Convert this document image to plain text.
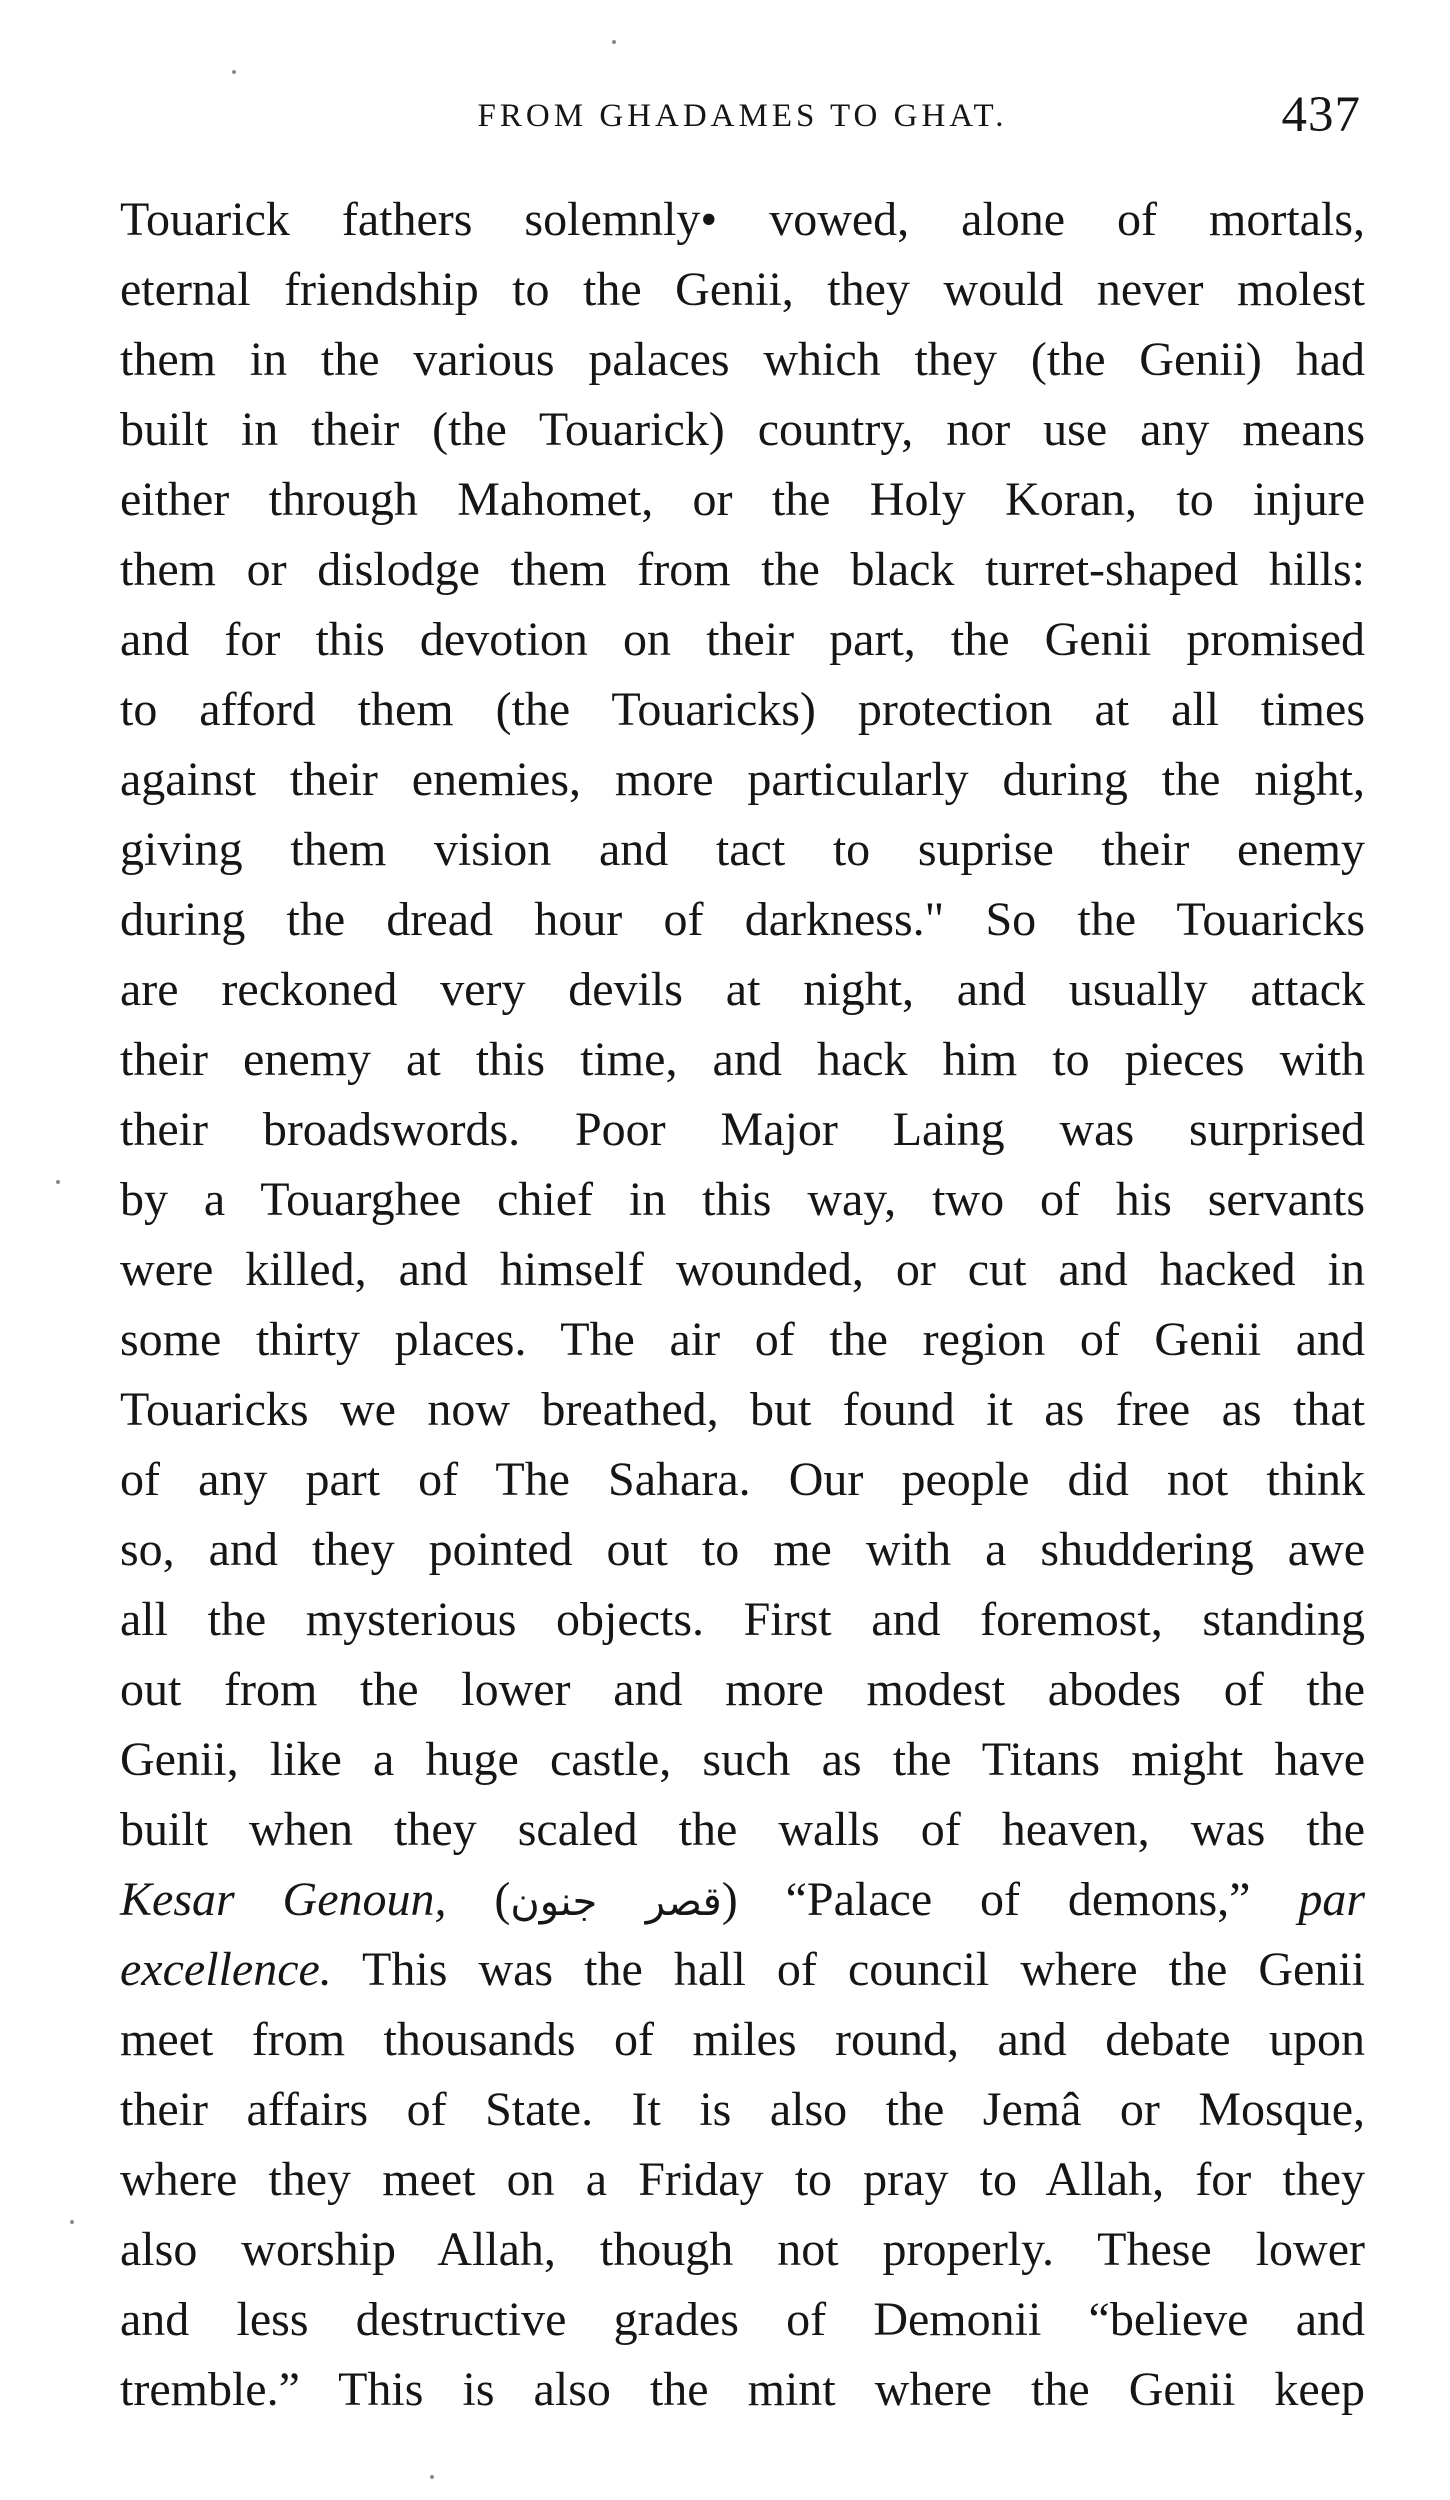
FROM GHADAMES TO GHAT.	437
Touarick fathers solemnly• vowed, alone of mortals,
eternal friendship to the Genii, they would never molest
them in the various palaces which they (the Genii) had
built in their (the Touarick) country, nor use any means
either through Mahomet, or the Holy Koran, to injure
them or dislodge them from the black turret-shaped hills:
and for this devotion on their part, the Genii promised
to afford them (the Touaricks) protection at all times
against their enemies, more particularly during the night,
giving them vision and tact to suprise their enemy
during the dread hour of darkness." So the Touaricks
are reckoned very devils at night, and usually attack
their enemy at this time, and hack him to pieces with
their broadswords. Poor Major Laing was surprised
by a Touarghee chief in this way, two of his servants
were killed, and himself wounded, or cut and hacked in
some thirty places. The air of the region of Genii and
Touaricks we now breathed, but found it as free as that
of any part of The Sahara. Our people did not think
so, and they pointed out to me with a shuddering awe
all the mysterious objects. First and foremost, standing
out from the lower and more modest abodes of the
Genii, like a huge castle, such as the Titans might have
built when they scaled the walls of heaven, was the
Kesar Genoun, (قصر جنون) “Palace of demons,” par
excellence. This was the hall of council where the Genii
meet from thousands of miles round, and debate upon
their affairs of State. It is also the Jemâ or Mosque,
where they meet on a Friday to pray to Allah, for they
also worship Allah, though not properly. These lower
and less destructive grades of Demonii “believe and
tremble.” This is also the mint where the Genii keep
